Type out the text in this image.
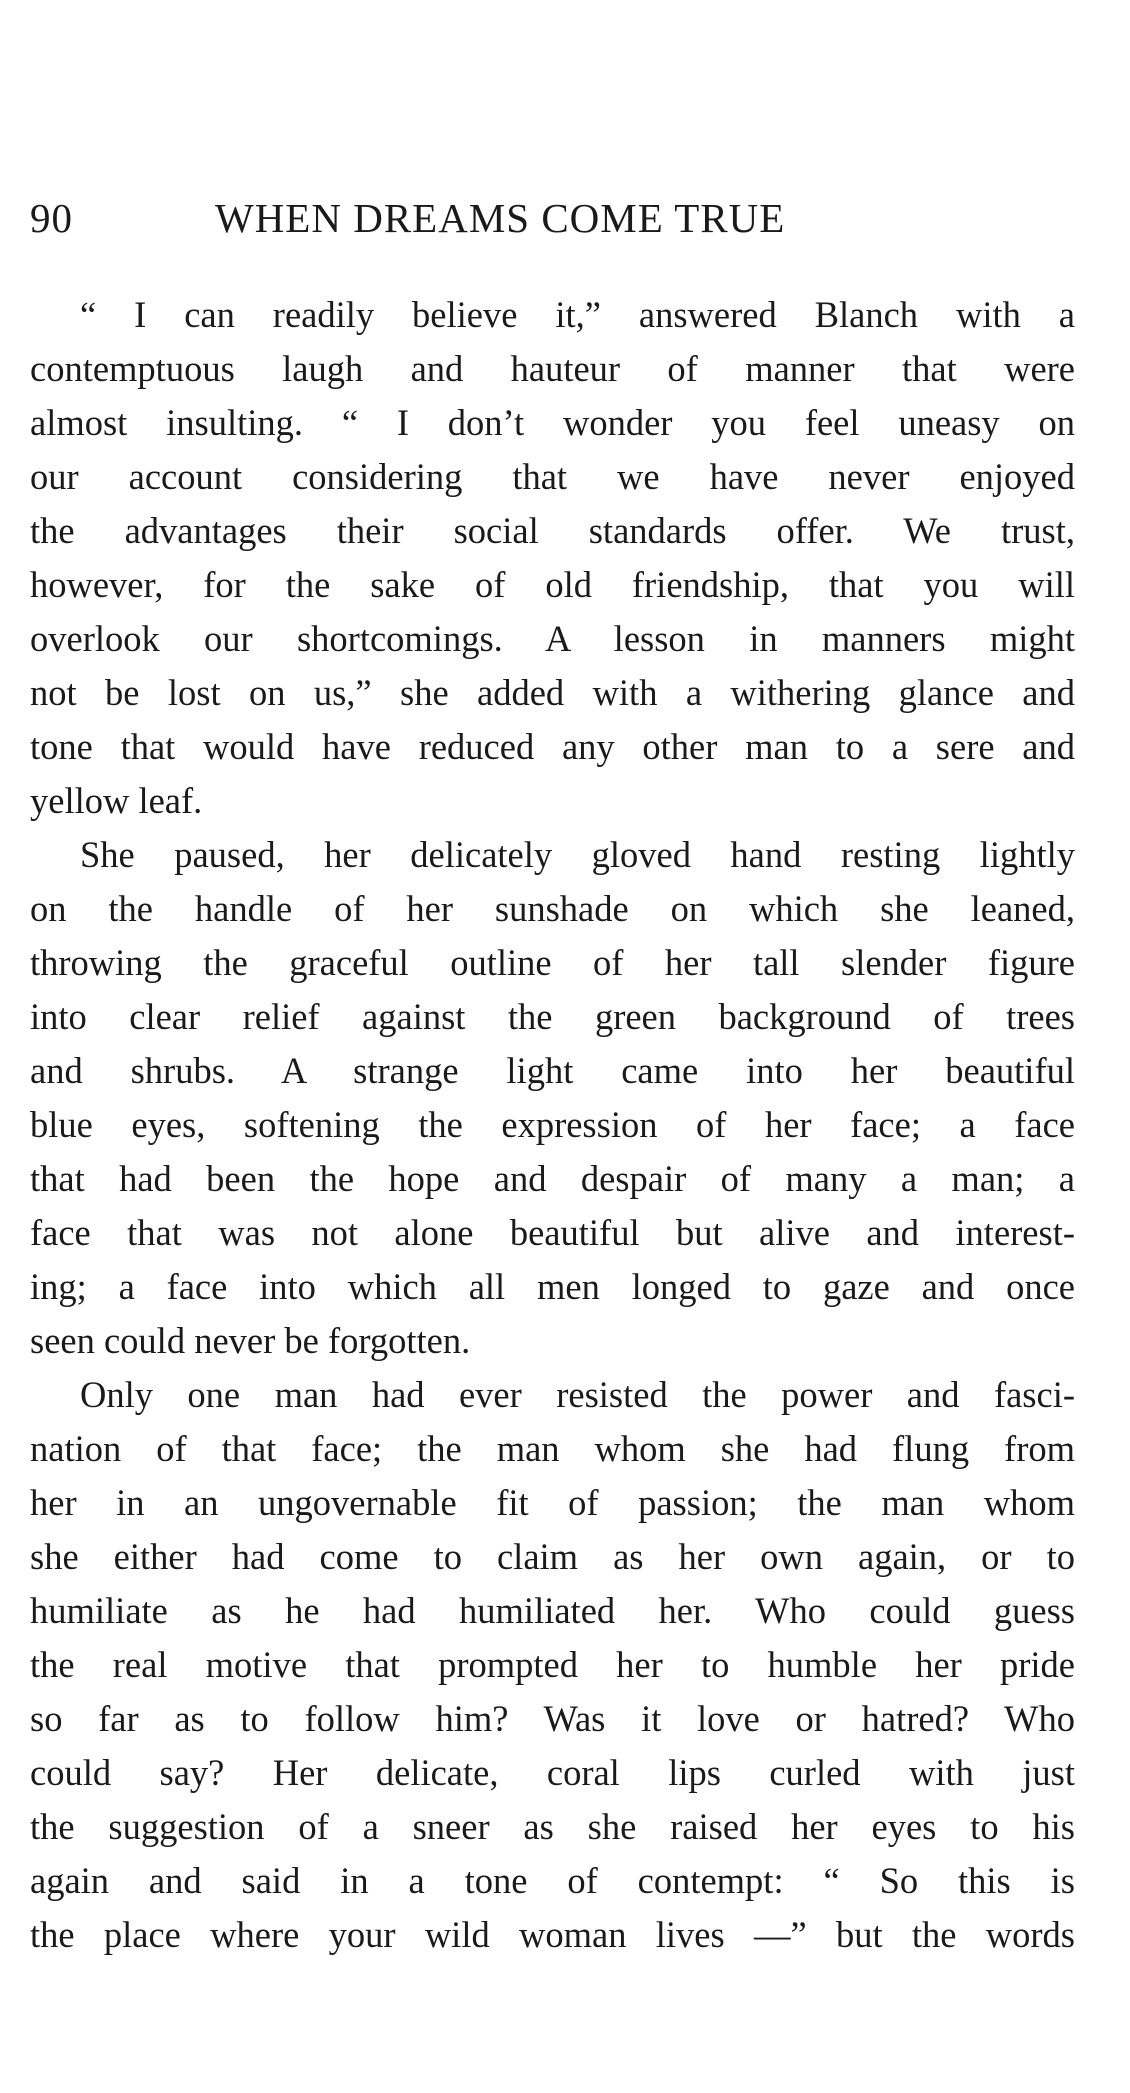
90	WHEN DREAMS COME TRUE
“ I can readily believe it,” answered Blanch with a
contemptuous laugh and hauteur of manner that were
almost insulting. “ I don’t wonder you feel uneasy on
our account considering that we have never enjoyed
the advantages their social standards offer. We trust,
however, for the sake of old friendship, that you will
overlook our shortcomings. A lesson in manners might
not be lost on us,” she added with a withering glance and
tone that would have reduced any other man to a sere and
yellow leaf.
She paused, her delicately gloved hand resting lightly
on the handle of her sunshade on which she leaned,
throwing the graceful outline of her tall slender figure
into clear relief against the green background of trees
and shrubs. A strange light came into her beautiful
blue eyes, softening the expression of her face; a face
that had been the hope and despair of many a man; a
face that was not alone beautiful but alive and interest-
ing; a face into which all men longed to gaze and once
seen could never be forgotten.
Only one man had ever resisted the power and fasci-
nation of that face; the man whom she had flung from
her in an ungovernable fit of passion; the man whom
she either had come to claim as her own again, or to
humiliate as he had humiliated her. Who could guess
the real motive that prompted her to humble her pride
so far as to follow him? Was it love or hatred? Who
could say? Her delicate, coral lips curled with just
the suggestion of a sneer as she raised her eyes to his
again and said in a tone of contempt: “ So this is
the place where your wild woman lives —” but the words
